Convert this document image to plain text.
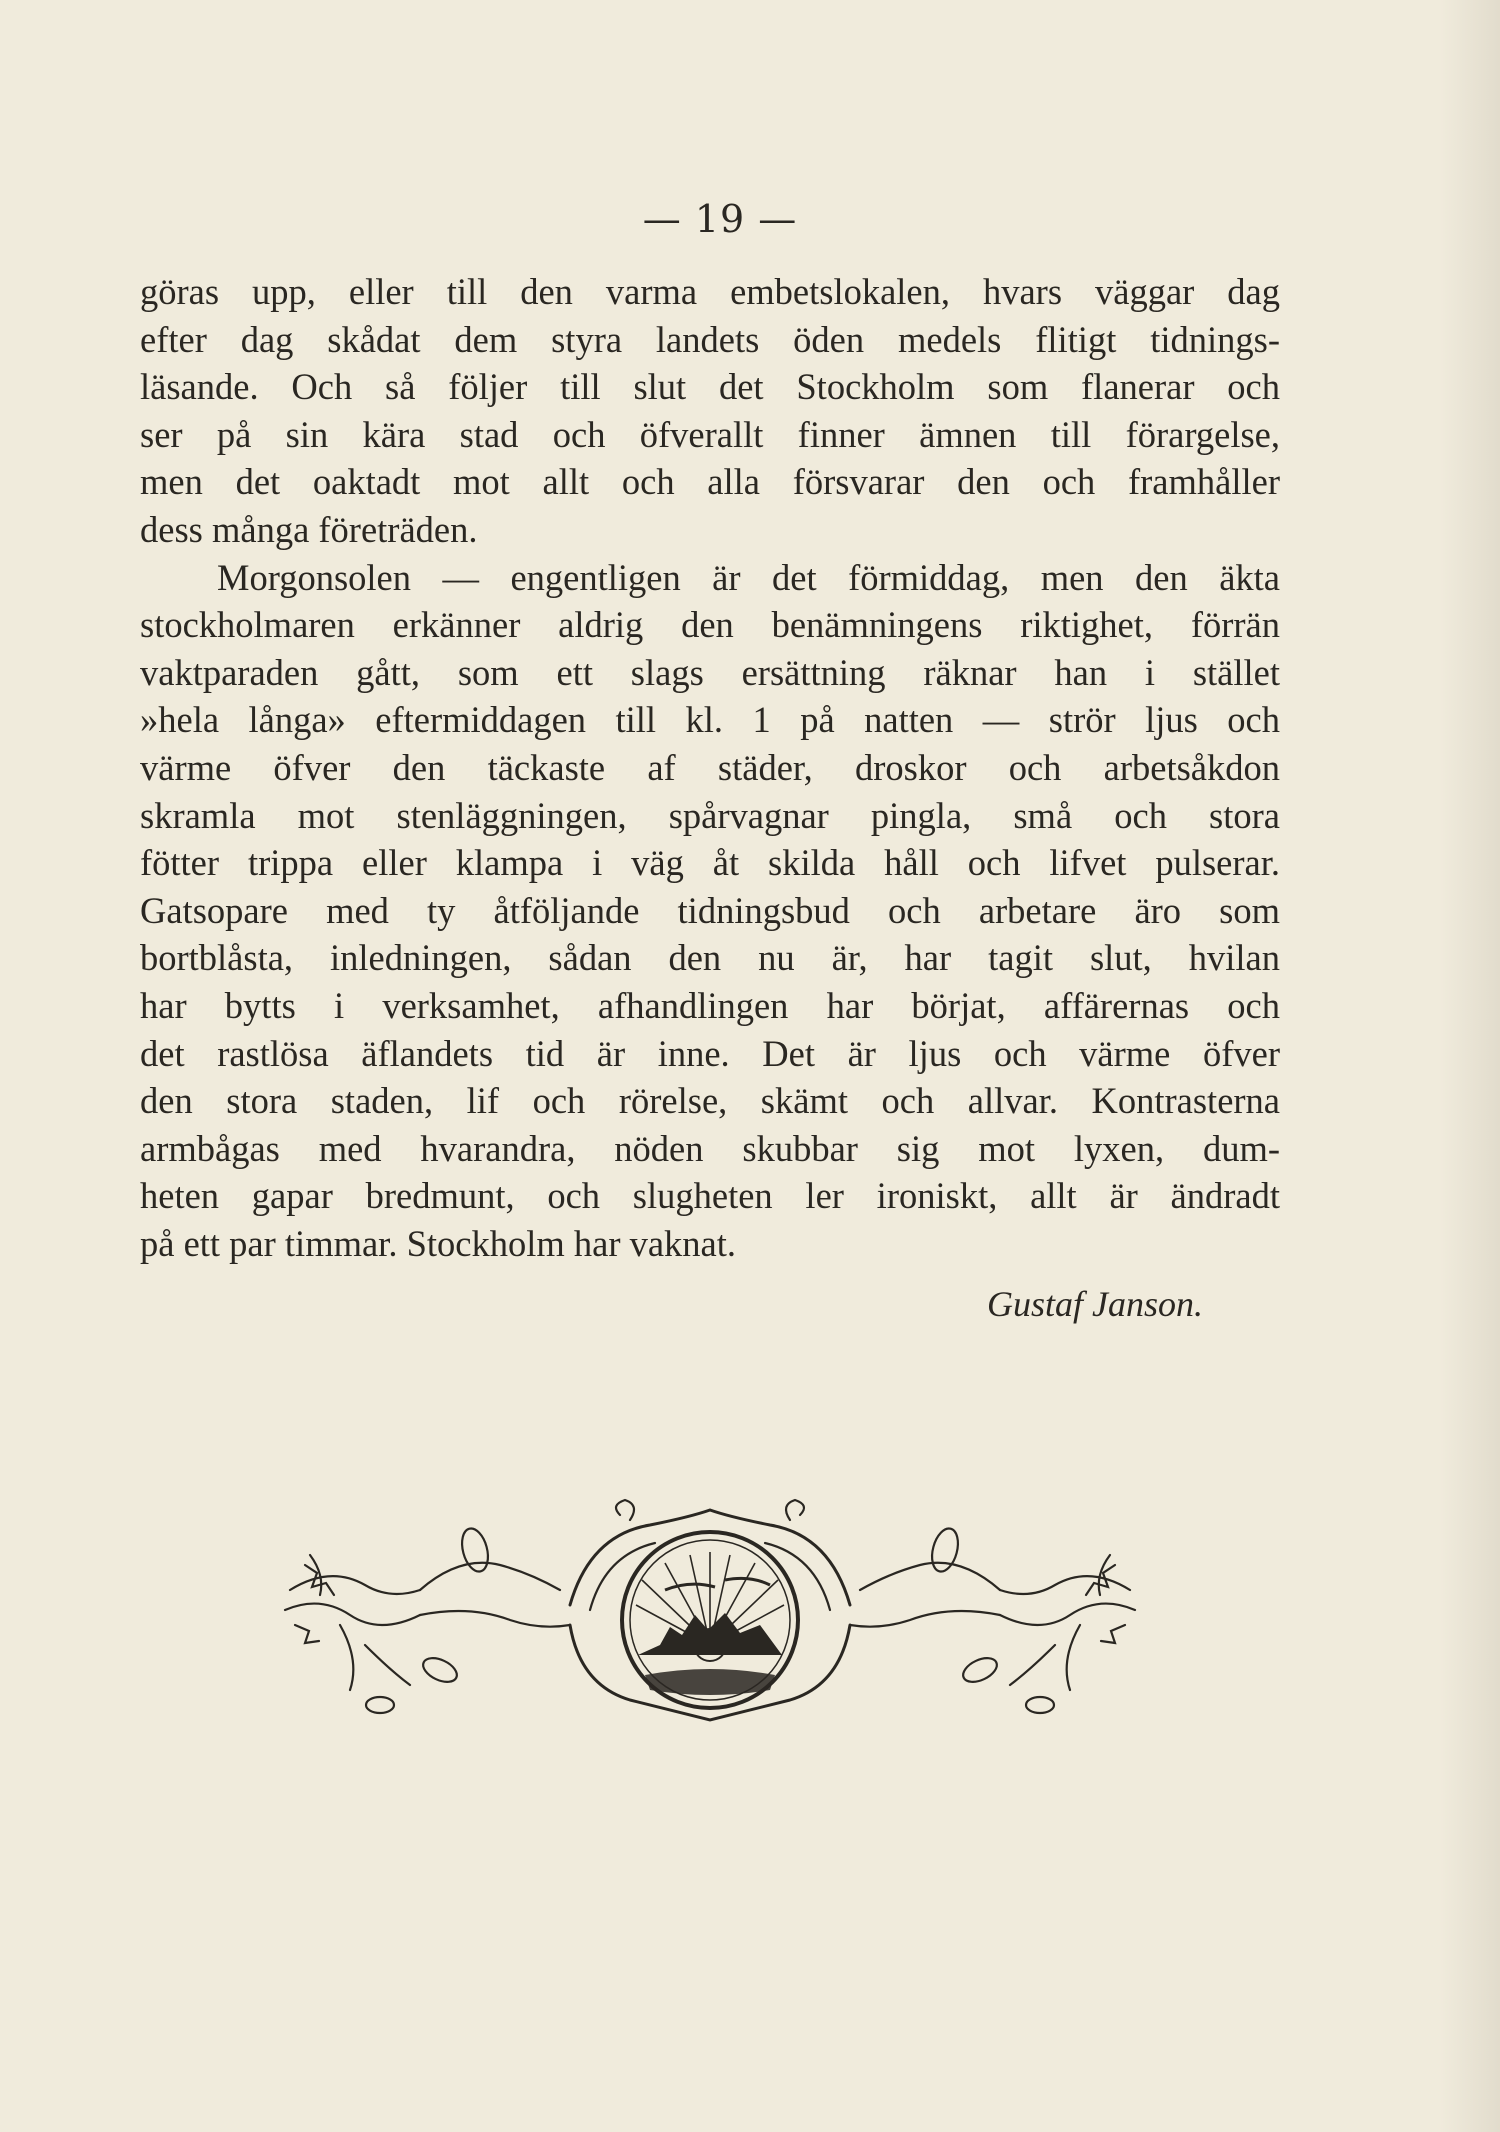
— 19 —
göras upp, eller till den varma embetslokalen, hvars väggar dag
efter dag skådat dem styra landets öden medels flitigt tidnings-
läsande. Och så följer till slut det Stockholm som flanerar och
ser på sin kära stad och öfverallt finner ämnen till förargelse,
men det oaktadt mot allt och alla försvarar den och framhåller
dess många företräden.
Morgonsolen — engentligen är det förmiddag, men den äkta
stockholmaren erkänner aldrig den benämningens riktighet, förrän
vaktparaden gått, som ett slags ersättning räknar han i stället
»hela långa» eftermiddagen till kl. 1 på natten — strör ljus och
värme öfver den täckaste af städer, droskor och arbetsåkdon
skramla mot stenläggningen, spårvagnar pingla, små och stora
fötter trippa eller klampa i väg åt skilda håll och lifvet pulserar.
Gatsopare med ty åtföljande tidningsbud och arbetare äro som
bortblåsta, inledningen, sådan den nu är, har tagit slut, hvilan
har bytts i verksamhet, afhandlingen har börjat, affärernas och
det rastlösa äflandets tid är inne. Det är ljus och värme öfver
den stora staden, lif och rörelse, skämt och allvar. Kontrasterna
armbågas med hvarandra, nöden skubbar sig mot lyxen, dum-
heten gapar bredmunt, och slugheten ler ironiskt, allt är ändradt
på ett par timmar. Stockholm har vaknat.
Gustaf Janson.
